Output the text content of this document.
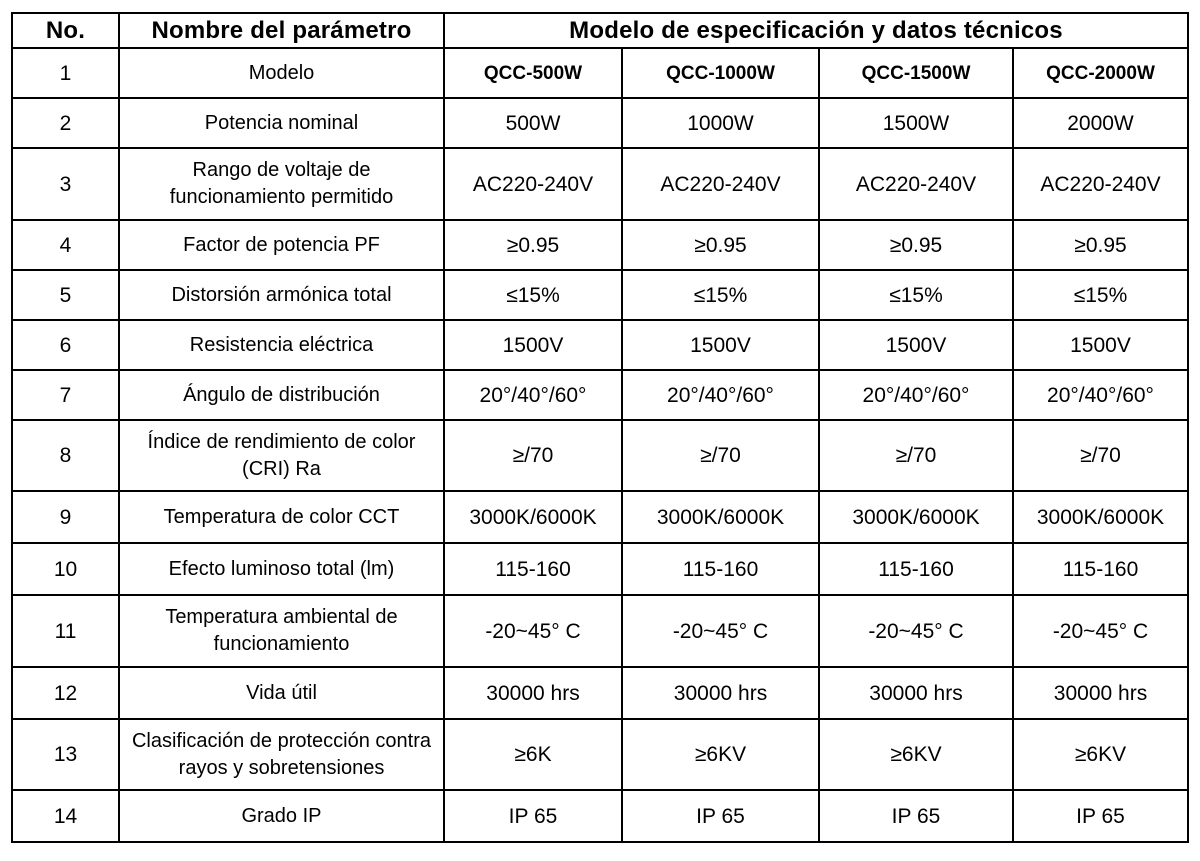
No.	Nombre del parámetro	Modelo de especificación y datos técnicos			
1	Modelo	QCC-500W	QCC-1000W	QCC-1500W	QCC-2000W
2	Potencia nominal	500W	1000W	1500W	2000W
3	Rango de voltaje de funcionamiento permitido	AC220-240V	AC220-240V	AC220-240V	AC220-240V
4	Factor de potencia PF	≥0.95	≥0.95	≥0.95	≥0.95
5	Distorsión armónica total	≤15%	≤15%	≤15%	≤15%
6	Resistencia eléctrica	1500V	1500V	1500V	1500V
7	Ángulo de distribución	20°/40°/60°	20°/40°/60°	20°/40°/60°	20°/40°/60°
8	Índice de rendimiento de color (CRI) Ra	≥/70	≥/70	≥/70	≥/70
9	Temperatura de color CCT	3000K/6000K	3000K/6000K	3000K/6000K	3000K/6000K
10	Efecto luminoso total (lm)	115-160	115-160	115-160	115-160
11	Temperatura ambiental de funcionamiento	-20~45° C	-20~45° C	-20~45° C	-20~45° C
12	Vida útil	30000 hrs	30000 hrs	30000 hrs	30000 hrs
13	Clasificación de protección contra rayos y sobretensiones	≥6K	≥6KV	≥6KV	≥6KV
14	Grado IP	IP 65	IP 65	IP 65	IP 65
